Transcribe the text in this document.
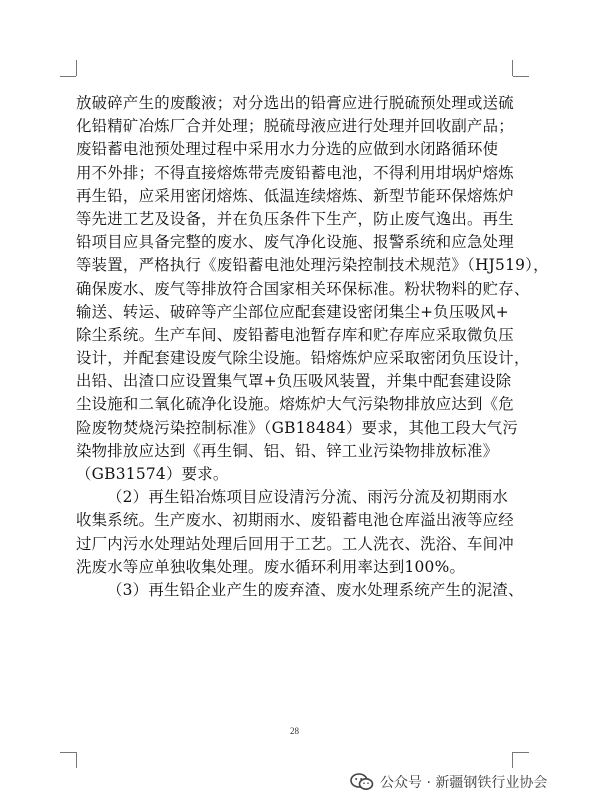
放破碎产生的废酸液；对分选出的铅膏应进行脱硫预处理或送硫
化铅精矿冶炼厂合并处理；脱硫母液应进行处理并回收副产品；
废铅蓄电池预处理过程中采用水力分选的应做到水闭路循环使
用不外排；不得直接熔炼带壳废铅蓄电池，不得利用坩埚炉熔炼
再生铅，应采用密闭熔炼、低温连续熔炼、新型节能环保熔炼炉
等先进工艺及设备，并在负压条件下生产，防止废气逸出。再生
铅项目应具备完整的废水、废气净化设施、报警系统和应急处理
等装置，严格执行《废铅蓄电池处理污染控制技术规范》（HJ519），
确保废水、废气等排放符合国家相关环保标准。粉状物料的贮存、
输送、转运、破碎等产尘部位应配套建设密闭集尘+负压吸风+
除尘系统。生产车间、废铅蓄电池暂存库和贮存库应采取微负压
设计，并配套建设废气除尘设施。铅熔炼炉应采取密闭负压设计，
出铅、出渣口应设置集气罩+负压吸风装置，并集中配套建设除
尘设施和二氧化硫净化设施。熔炼炉大气污染物排放应达到《危
险废物焚烧污染控制标准》（GB18484）要求，其他工段大气污
染物排放应达到《再生铜、铝、铅、锌工业污染物排放标准》
（GB31574）要求。
（2）再生铅冶炼项目应设清污分流、雨污分流及初期雨水
收集系统。生产废水、初期雨水、废铅蓄电池仓库溢出液等应经
过厂内污水处理站处理后回用于工艺。工人洗衣、洗浴、车间冲
洗废水等应单独收集处理。废水循环利用率达到100%。
（3）再生铅企业产生的废弃渣、废水处理系统产生的泥渣、
28
公众号 · 新疆钢铁行业协会
